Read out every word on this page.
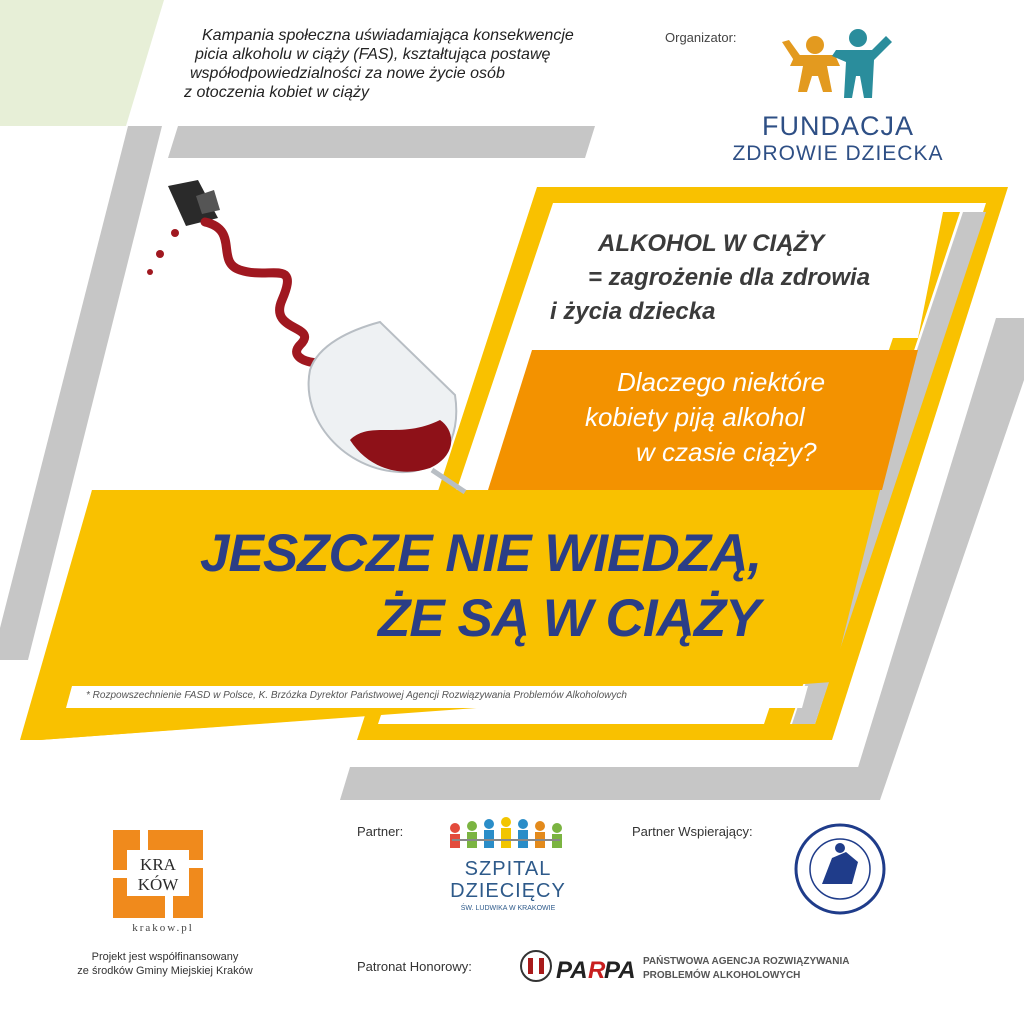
KRA
KÓW
PA R
PA
Kampania społeczna uświadamiająca konsekwencje
picia alkoholu w ciąży (FAS), kształtująca postawę
współodpowiedzialności za nowe życie osób
z otoczenia kobiet w ciąży
Organizator:
FUNDACJA
ZDROWIE DZIECKA
ALKOHOL W CIĄŻY
= zagrożenie dla zdrowia
i życia dziecka
Dlaczego niektóre
kobiety piją alkohol
w czasie ciąży?
JESZCZE NIE WIEDZĄ,
ŻE SĄ W CIĄŻY
* Rozpowszechnienie FASD w Polsce, K. Brzózka Dyrektor Państwowej Agencji Rozwiązywania Problemów Alkoholowych
krakow.pl
Projekt jest współfinansowany
ze środków Gminy Miejskiej Kraków
Partner:
SZPITAL
DZIECIĘCY
ŚW. LUDWIKA W KRAKOWIE
Partner Wspierający:
Patronat Honorowy:	PAŃSTWOWA AGENCJA ROZWIĄZYWANIA
PROBLEMÓW ALKOHOLOWYCH
